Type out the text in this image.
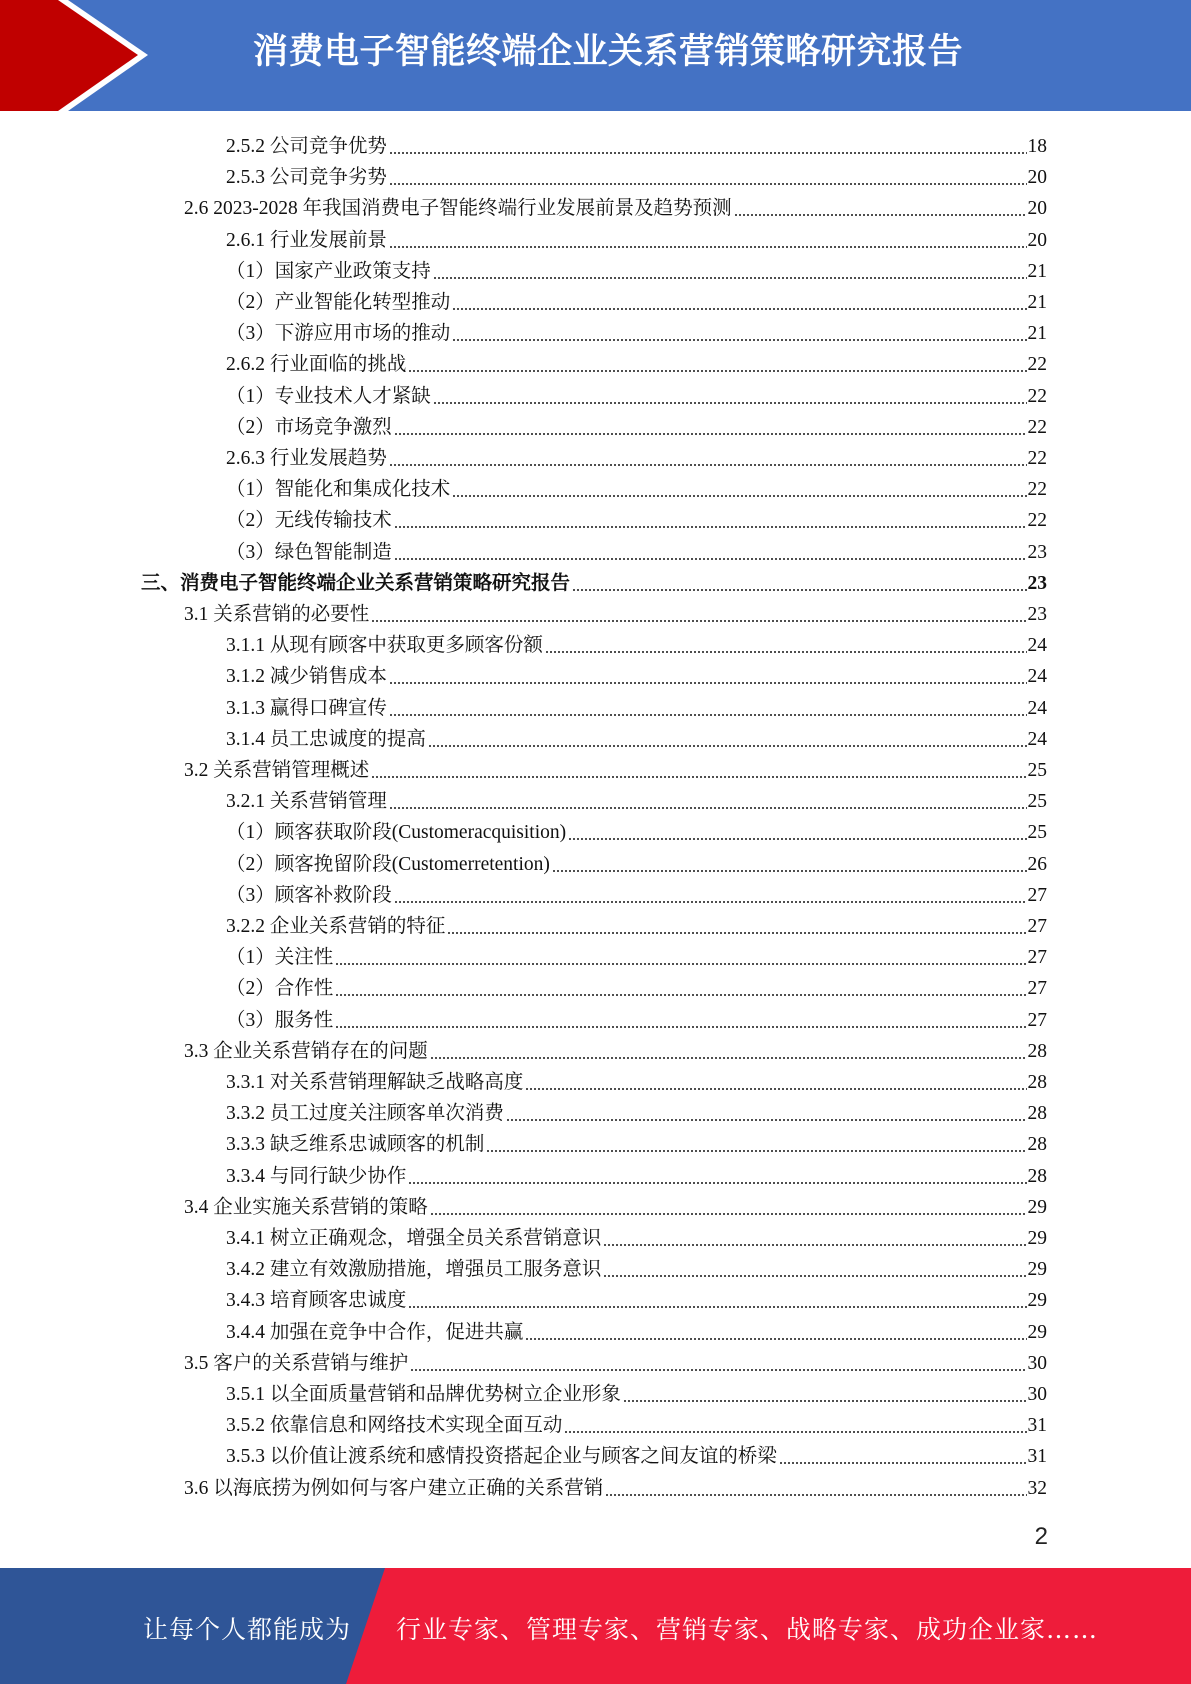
消费电子智能终端企业关系营销策略研究报告
2.5.2 公司竞争优势	18
2.5.3 公司竞争劣势	20
2.6 2023-2028 年我国消费电子智能终端行业发展前景及趋势预测	20
2.6.1 行业发展前景	20
（1）国家产业政策支持	21
（2）产业智能化转型推动	21
（3）下游应用市场的推动	21
2.6.2 行业面临的挑战	22
（1）专业技术人才紧缺	22
（2）市场竞争激烈	22
2.6.3 行业发展趋势	22
（1）智能化和集成化技术	22
（2）无线传输技术	22
（3）绿色智能制造	23
三、消费电子智能终端企业关系营销策略研究报告	23
3.1 关系营销的必要性	23
3.1.1 从现有顾客中获取更多顾客份额	24
3.1.2 减少销售成本	24
3.1.3 赢得口碑宣传	24
3.1.4 员工忠诚度的提高	24
3.2 关系营销管理概述	25
3.2.1 关系营销管理	25
（1）顾客获取阶段(Customeracquisition)	25
（2）顾客挽留阶段(Customerretention)	26
（3）顾客补救阶段	27
3.2.2 企业关系营销的特征	27
（1）关注性	27
（2）合作性	27
（3）服务性	27
3.3 企业关系营销存在的问题	28
3.3.1 对关系营销理解缺乏战略高度	28
3.3.2 员工过度关注顾客单次消费	28
3.3.3 缺乏维系忠诚顾客的机制	28
3.3.4 与同行缺少协作	28
3.4 企业实施关系营销的策略	29
3.4.1 树立正确观念，增强全员关系营销意识	29
3.4.2 建立有效激励措施，增强员工服务意识	29
3.4.3 培育顾客忠诚度	29
3.4.4 加强在竞争中合作，促进共赢	29
3.5 客户的关系营销与维护	30
3.5.1 以全面质量营销和品牌优势树立企业形象	30
3.5.2 依靠信息和网络技术实现全面互动	31
3.5.3 以价值让渡系统和感情投资搭起企业与顾客之间友谊的桥梁	31
3.6 以海底捞为例如何与客户建立正确的关系营销	32
2
让每个人都能成为 行业专家、管理专家、营销专家、战略专家、成功企业家……
